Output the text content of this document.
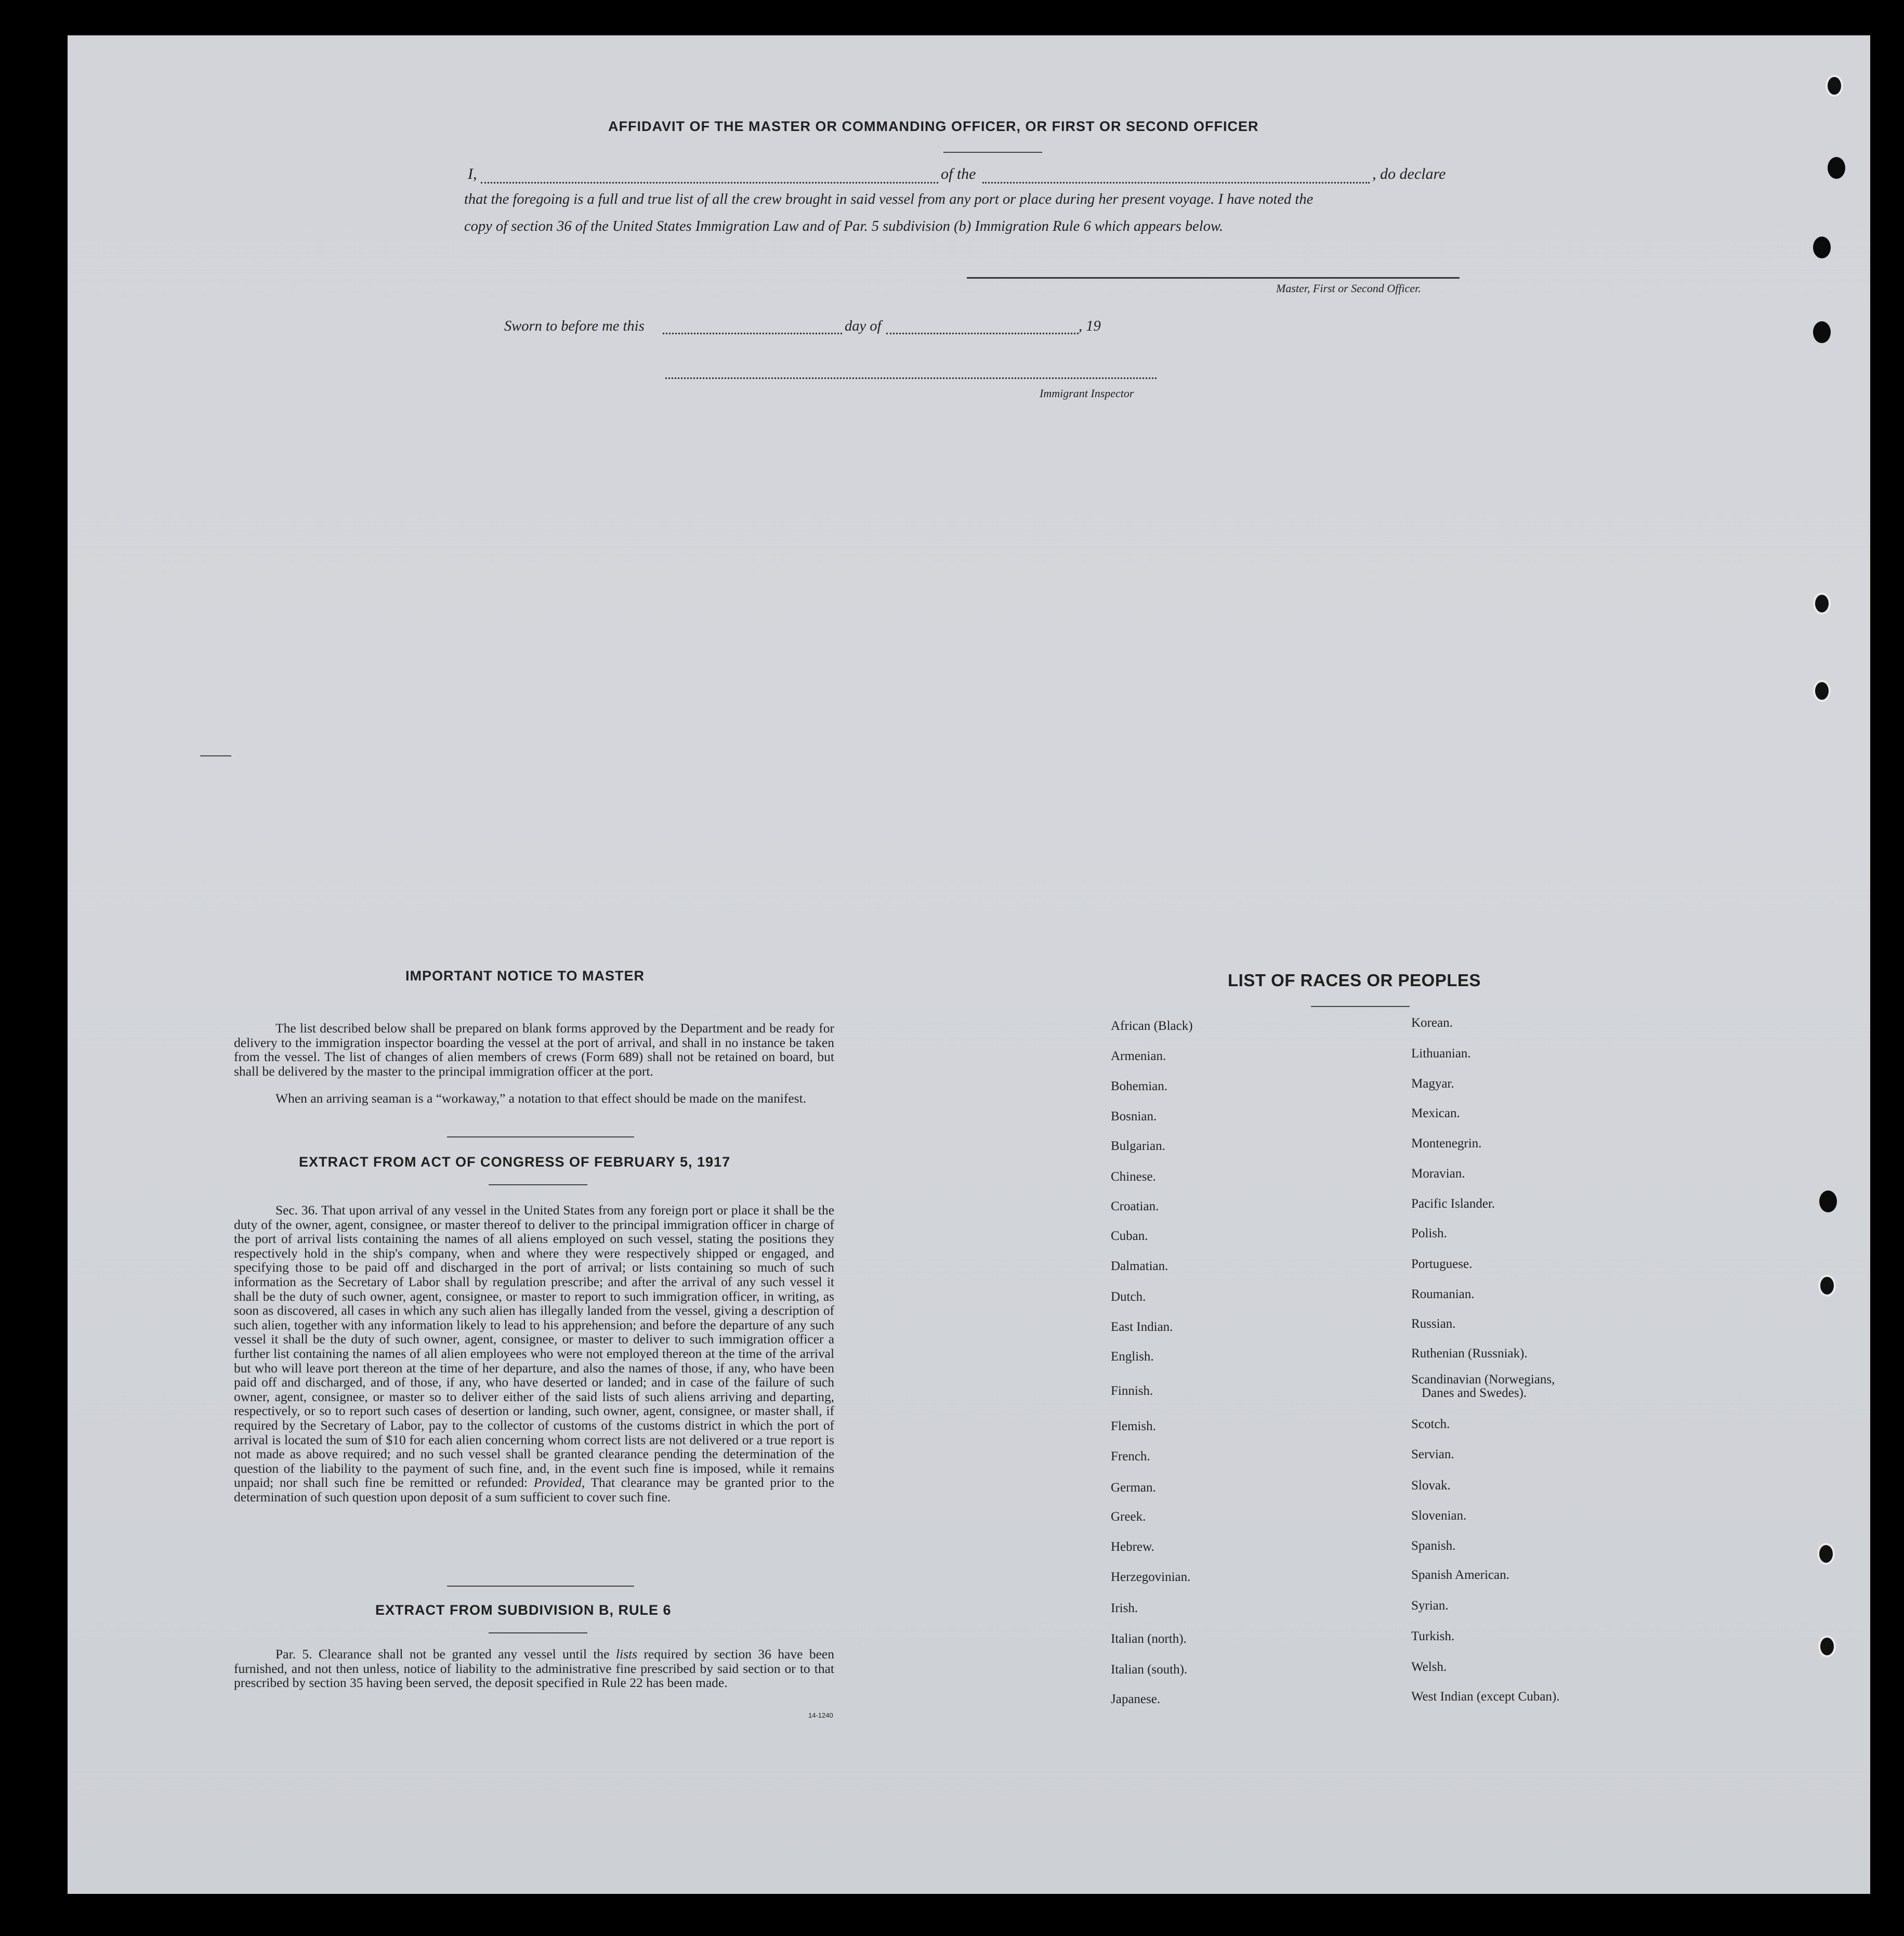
AFFIDAVIT OF THE MASTER OR COMMANDING OFFICER, OR FIRST OR SECOND OFFICER
I,	of the	, do declare
that the foregoing is a full and true list of all the crew brought in said vessel from any port or place during her present voyage. I have noted the
copy of section 36 of the United States Immigration Law and of Par. 5 subdivision (b) Immigration Rule 6 which appears below.
Master, First or Second Officer.
Sworn to before me this	day of	, 19
Immigrant Inspector
IMPORTANT NOTICE TO MASTER
The list described below shall be prepared on blank forms approved by the Department and be ready for delivery to the immigration inspector boarding the vessel at the port of arrival, and shall in no instance be taken from the vessel. The list of changes of alien members of crews (Form 689) shall not be retained on board, but shall be delivered by the master to the principal immigration officer at the port.
When an arriving seaman is a “workaway,” a notation to that effect should be made on the manifest.
EXTRACT FROM ACT OF CONGRESS OF FEBRUARY 5, 1917
Sec. 36. That upon arrival of any vessel in the United States from any foreign port or place it shall be the duty of the owner, agent, consignee, or master thereof to deliver to the principal immigration officer in charge of the port of arrival lists containing the names of all aliens employed on such vessel, stating the positions they respectively hold in the ship's company, when and where they were respectively shipped or engaged, and specifying those to be paid off and discharged in the port of arrival; or lists containing so much of such information as the Secretary of Labor shall by regulation prescribe; and after the arrival of any such vessel it shall be the duty of such owner, agent, consignee, or master to report to such immigration officer, in writing, as soon as discovered, all cases in which any such alien has illegally landed from the vessel, giving a description of such alien, together with any information likely to lead to his apprehension; and before the departure of any such vessel it shall be the duty of such owner, agent, consignee, or master to deliver to such immigration officer a further list containing the names of all alien employees who were not employed thereon at the time of the arrival but who will leave port thereon at the time of her departure, and also the names of those, if any, who have been paid off and discharged, and of those, if any, who have deserted or landed; and in case of the failure of such owner, agent, consignee, or master so to deliver either of the said lists of such aliens arriving and departing, respectively, or so to report such cases of desertion or landing, such owner, agent, consignee, or master shall, if required by the Secretary of Labor, pay to the collector of customs of the customs district in which the port of arrival is located the sum of $10 for each alien concerning whom correct lists are not delivered or a true report is not made as above required; and no such vessel shall be granted clearance pending the determination of the question of the liability to the payment of such fine, and, in the event such fine is imposed, while it remains unpaid; nor shall such fine be remitted or refunded: Provided, That clearance may be granted prior to the determination of such question upon deposit of a sum sufficient to cover such fine.
EXTRACT FROM SUBDIVISION B, RULE 6
Par. 5. Clearance shall not be granted any vessel until the lists required by section 36 have been furnished, and not then unless, notice of liability to the administrative fine prescribed by said section or to that prescribed by section 35 having been served, the deposit specified in Rule 22 has been made.
14-1240
LIST OF RACES OR PEOPLES
African (Black)
Armenian.
Bohemian.
Bosnian.
Bulgarian.
Chinese.
Croatian.
Cuban.
Dalmatian.
Dutch.
East Indian.
English.
Finnish.
Flemish.
French.
German.
Greek.
Hebrew.
Herzegovinian.
Irish.
Italian (north).
Italian (south).
Japanese.
Korean.
Lithuanian.
Magyar.
Mexican.
Montenegrin.
Moravian.
Pacific Islander.
Polish.
Portuguese.
Roumanian.
Russian.
Ruthenian (Russniak).
Scandinavian (Norwegians,
Danes and Swedes).
Scotch.
Servian.
Slovak.
Slovenian.
Spanish.
Spanish American.
Syrian.
Turkish.
Welsh.
West Indian (except Cuban).
